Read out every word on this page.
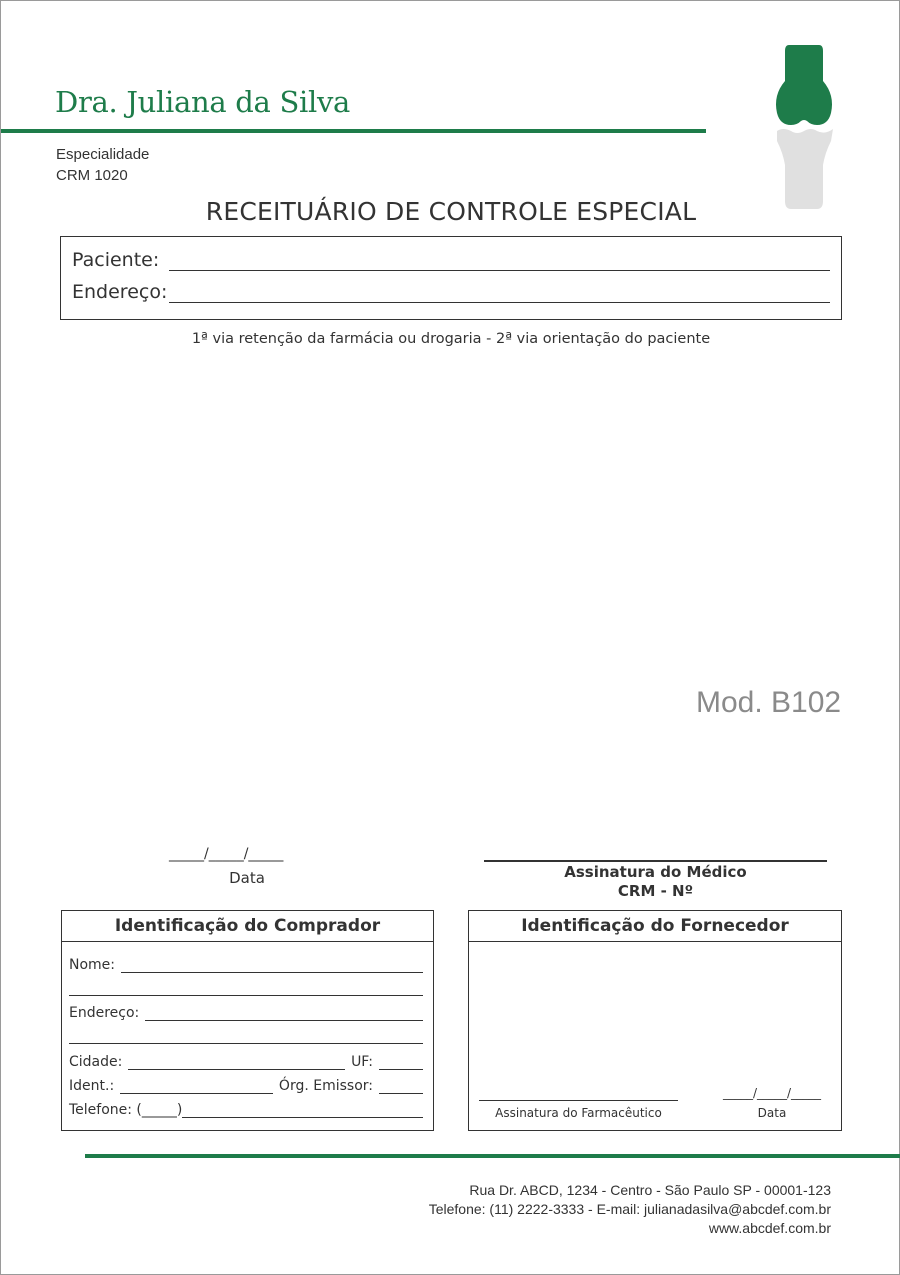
Dra. Juliana da Silva
Especialidade
CRM 1020
RECEITUÁRIO DE CONTROLE ESPECIAL
Paciente:
Endereço:
1ª via retenção da farmácia ou drogaria - 2ª via orientação do paciente
Mod. B102
_____/_____/_____
Data	Assinatura do Médico
CRM - Nº
Identificação do Comprador
Nome:
Endereço:
Cidade:	UF:
Ident.:	Órg. Emissor:
Telefone: (_____)
Identificação do Fornecedor
Assinatura do Farmacêutico
_____/_____/_____
Data
Rua Dr. ABCD, 1234 - Centro - São Paulo SP - 00001-123
Telefone: (11) 2222-3333 - E-mail: julianadasilva@abcdef.com.br
www.abcdef.com.br
